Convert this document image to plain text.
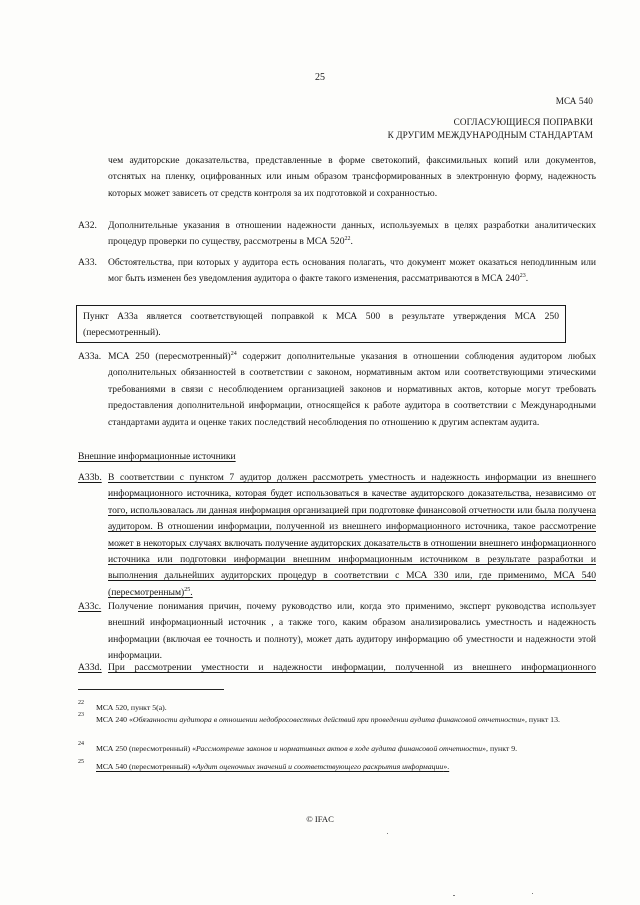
25
МСА 540
СОГЛАСУЮЩИЕСЯ ПОПРАВКИ
К ДРУГИМ МЕЖДУНАРОДНЫМ СТАНДАРТАМ
чем аудиторские доказательства, представленные в форме светокопий, факсимильных копий или документов, отснятых на пленку, оцифрованных или иным образом трансформированных в электронную форму, надежность которых может зависеть от средств контроля за их подготовкой и сохранностью.
A32. Дополнительные указания в отношении надежности данных, используемых в целях разработки аналитических процедур проверки по существу, рассмотрены в МСА $520^{22}$.
A33. Обстоятельства, при которых у аудитора есть основания полагать, что документ может оказаться неподлинным или мог быть изменен без уведомления аудитора о факте такого изменения, рассматриваются в МСА $240^{23}$.

Пункт A33a является соответствующей поправкой к МСА 500 в результате утверждения МСА 250 (пересмотренный).

A33a. МСА 250 (пересмотренный)$^{24}$ содержит дополнительные указания в отношении соблюдения аудитором любых дополнительных обязанностей в соответствии с законом, нормативным актом или соответствующими этическими требованиями в связи с несоблюдением организацией законов и нормативных актов, которые могут требовать предоставления дополнительной информации, относящейся к работе аудитора в соответствии с Международными стандартами аудита и оценке таких последствий несоблюдения по отношению к другим аспектам аудита.
Внешние информационные источники
A33b. В соответствии с пунктом 7 аудитор должен рассмотреть уместность и надежность информации из внешнего информационного источника, которая будет использоваться в качестве аудиторского доказательства, независимо от того, использовалась ли данная информация организацией при подготовке финансовой отчетности или была получена аудитором. В отношении информации, полученной из внешнего информационного источника, такое рассмотрение может в некоторых случаях включать получение аудиторских доказательств в отношении внешнего информационного источника или подготовки информации внешним информационным источником в результате разработки и выполнения дальнейших аудиторских процедур в соответствии с МСА 330 или, где применимо, МСА 540 (пересмотренным)$^{25}$.
A33c. Получение понимания причин, почему руководство или, когда это применимо, эксперт руководства использует внешний информационный источник , а также того, каким образом анализировались уместность и надежность информации (включая ее точность и полноту), может дать аудитору информацию об уместности и надежности этой информации.
A33d. При рассмотрении уместности и надежности информации, полученной из внешнего информационного
22 МСА 520, пункт 5(a).
23 МСА 240 «Обязанности аудитора в отношении недобросовестных действий при проведении аудита финансовой отчетности», пункт 13.
24 МСА 250 (пересмотренный) «Рассмотрение законов и нормативных актов в ходе аудита финансовой отчетности», пункт 9.
25 МСА 540 (пересмотренный) «Аудит оценочных значений и соответствующего раскрытия информации».
© IFAC
